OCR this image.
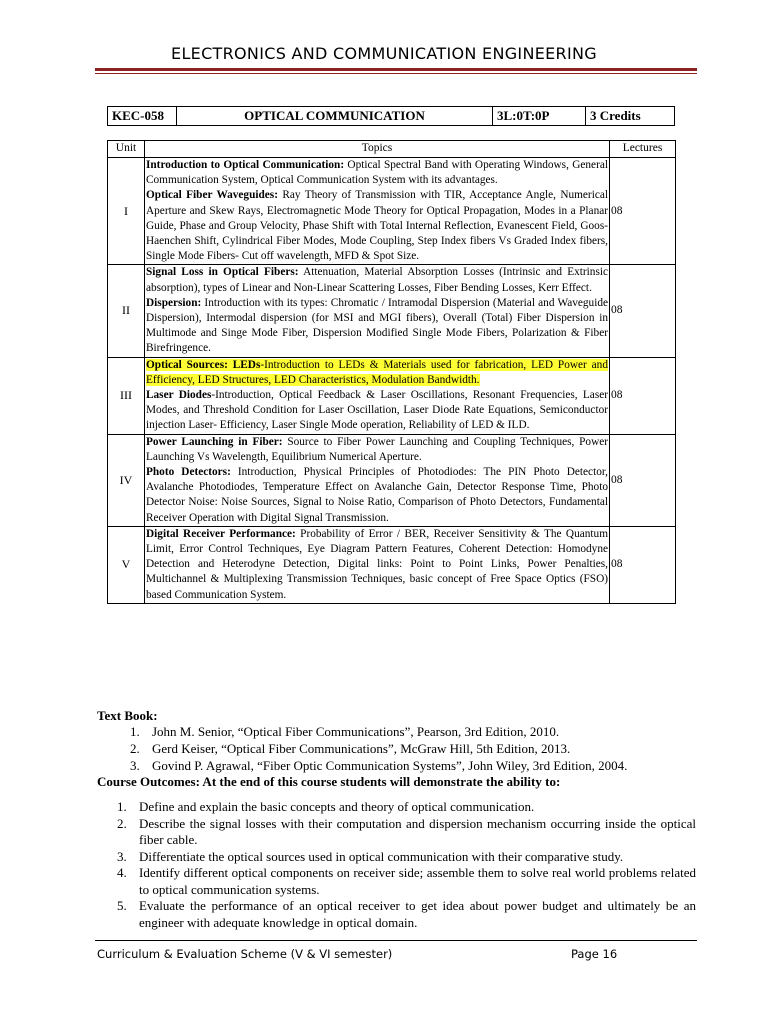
ELECTRONICS AND COMMUNICATION ENGINEERING
KEC-058	OPTICAL COMMUNICATION	3L:0T:0P	3 Credits
Unit	Topics	Lectures
I	Introduction to Optical Communication: Optical Spectral Band with Operating Windows, General Communication System, Optical Communication System with its advantages.

Optical Fiber Waveguides: Ray Theory of Transmission with TIR, Acceptance Angle, Numerical Aperture and Skew Rays, Electromagnetic Mode Theory for Optical Propagation, Modes in a Planar Guide, Phase and Group Velocity, Phase Shift with Total Internal Reflection, Evanescent Field, Goos-Haenchen Shift, Cylindrical Fiber Modes, Mode Coupling, Step Index fibers Vs Graded Index fibers, Single Mode Fibers- Cut off wavelength, MFD & Spot Size.	08
II	Signal Loss in Optical Fibers: Attenuation, Material Absorption Losses (Intrinsic and Extrinsic absorption), types of Linear and Non-Linear Scattering Losses, Fiber Bending Losses, Kerr Effect.

Dispersion: Introduction with its types: Chromatic / Intramodal Dispersion (Material and Waveguide Dispersion), Intermodal dispersion (for MSI and MGI fibers), Overall (Total) Fiber Dispersion in Multimode and Singe Mode Fiber, Dispersion Modified Single Mode Fibers, Polarization & Fiber Birefringence.	08
III	Optical Sources: LEDs-Introduction to LEDs & Materials used for fabrication, LED Power and Efficiency, LED Structures, LED Characteristics, Modulation Bandwidth.

Laser Diodes-Introduction, Optical Feedback & Laser Oscillations, Resonant Frequencies, Laser Modes, and Threshold Condition for Laser Oscillation, Laser Diode Rate Equations, Semiconductor injection Laser- Efficiency, Laser Single Mode operation, Reliability of LED & ILD.	08
IV	Power Launching in Fiber: Source to Fiber Power Launching and Coupling Techniques, Power Launching Vs Wavelength, Equilibrium Numerical Aperture.

Photo Detectors: Introduction, Physical Principles of Photodiodes: The PIN Photo Detector, Avalanche Photodiodes, Temperature Effect on Avalanche Gain, Detector Response Time, Photo Detector Noise: Noise Sources, Signal to Noise Ratio, Comparison of Photo Detectors, Fundamental Receiver Operation with Digital Signal Transmission.	08
V	Digital Receiver Performance: Probability of Error / BER, Receiver Sensitivity & The Quantum Limit, Error Control Techniques, Eye Diagram Pattern Features, Coherent Detection: Homodyne Detection and Heterodyne Detection, Digital links: Point to Point Links, Power Penalties, Multichannel & Multiplexing Transmission Techniques, basic concept of Free Space Optics (FSO) based Communication System.	08
Text Book:
1. John M. Senior, “Optical Fiber Communications”, Pearson, 3rd Edition, 2010.
2. Gerd Keiser, “Optical Fiber Communications”, McGraw Hill, 5th Edition, 2013.
3. Govind P. Agrawal, “Fiber Optic Communication Systems”, John Wiley, 3rd Edition, 2004.
Course Outcomes: At the end of this course students will demonstrate the ability to:
1. Define and explain the basic concepts and theory of optical communication.
2. Describe the signal losses with their computation and dispersion mechanism occurring inside the optical fiber cable.
3. Differentiate the optical sources used in optical communication with their comparative study.
4. Identify different optical components on receiver side; assemble them to solve real world problems related to optical communication systems.
5. Evaluate the performance of an optical receiver to get idea about power budget and ultimately be an engineer with adequate knowledge in optical domain.
Curriculum & Evaluation Scheme (V & VI semester)	Page 16
